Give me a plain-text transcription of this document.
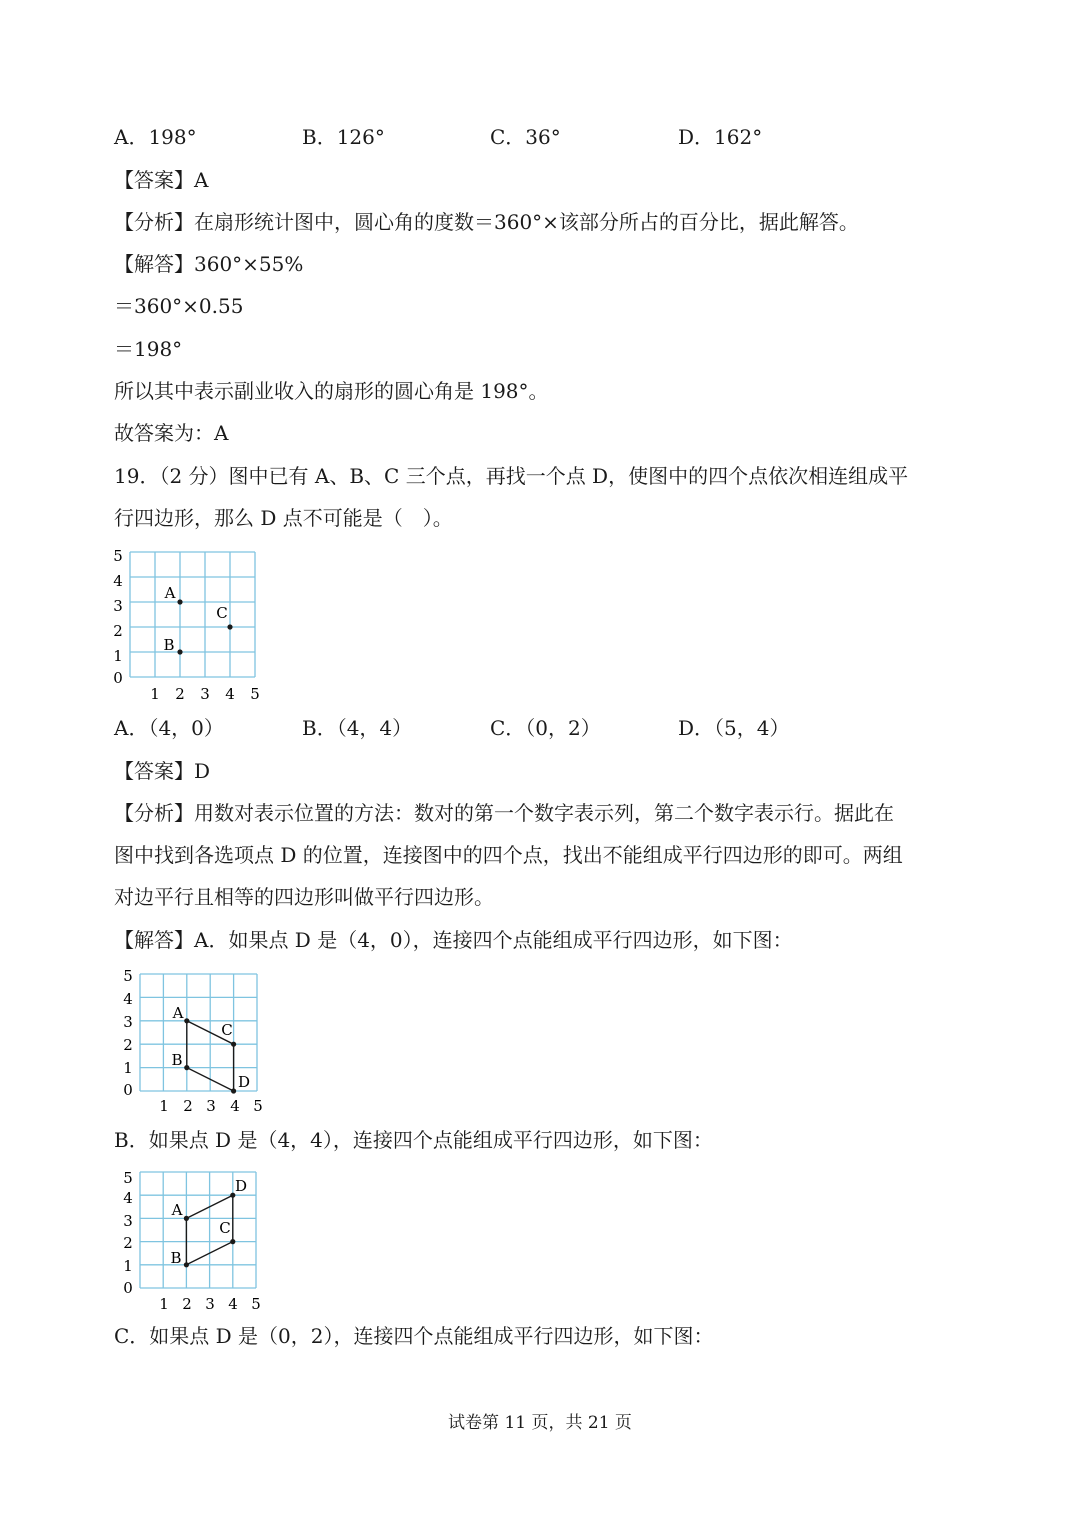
A．198°	B．126°	C．36°	D．162°
【答案】A
【分析】在扇形统计图中，圆心角的度数＝360°×该部分所占的百分比，据此解答。
【解答】360°×55%
＝360°×0.55
＝198°
所以其中表示副业收入的扇形的圆心角是 198°。
故答案为：A
19．（2 分）图中已有 A、B、C 三个点，再找一个点 D，使图中的四个点依次相连组成平
行四边形，那么 D 点不可能是（　）。
5
4
3
2
1
0
1 2 3 4 5
A
B
C
A．（4，0）	B．（4，4）	C．（0，2）	D．（5，4）
【答案】D
【分析】用数对表示位置的方法：数对的第一个数字表示列，第二个数字表示行。据此在
图中找到各选项点 D 的位置，连接图中的四个点，找出不能组成平行四边形的即可。两组
对边平行且相等的四边形叫做平行四边形。
【解答】A．如果点 D 是（4，0），连接四个点能组成平行四边形，如下图：
5
4
3
2
1
0
1 2 3 4 5
A
B
C
D
B．如果点 D 是（4，4），连接四个点能组成平行四边形，如下图：
5
4
3
2
1
0
1 2 3 4 5
A
B
C
D
C．如果点 D 是（0，2），连接四个点能组成平行四边形，如下图：
试卷第 11 页，共 21 页
